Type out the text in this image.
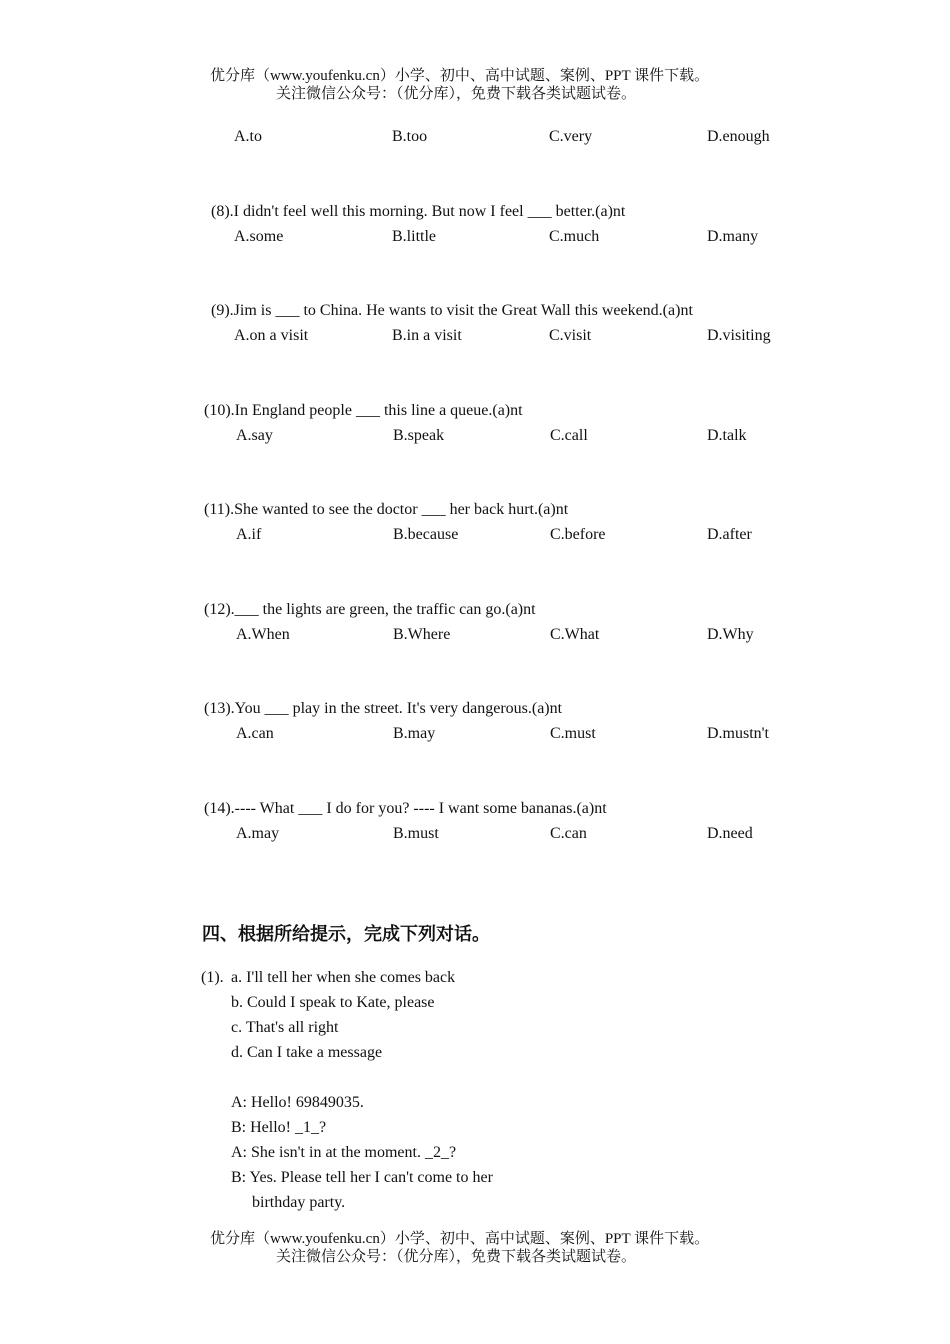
优分库（www.youfenku.cn）小学、初中、高中试题、案例、PPT 课件下载。
关注微信公众号：（优分库），免费下载各类试题试卷。
A.to	B.too	C.very	D.enough
(8).I didn't feel well this morning. But now I feel ___ better.(a)nt
A.some	B.little	C.much	D.many
(9).Jim is ___ to China. He wants to visit the Great Wall this weekend.(a)nt
A.on a visit	B.in a visit	C.visit	D.visiting
(10).In England people ___ this line a queue.(a)nt
A.say	B.speak	C.call	D.talk
(11).She wanted to see the doctor ___ her back hurt.(a)nt
A.if	B.because	C.before	D.after
(12).___ the lights are green, the traffic can go.(a)nt
A.When	B.Where	C.What	D.Why
(13).You ___ play in the street. It's very dangerous.(a)nt
A.can	B.may	C.must	D.mustn't
(14).---- What ___ I do for you? ---- I want some bananas.(a)nt
A.may	B.must	C.can	D.need
四、根据所给提示，完成下列对话。
(1). a. I'll tell her when she comes back
b. Could I speak to Kate, please
c. That's all right
d. Can I take a message
A: Hello! 69849035.
B: Hello! _1_?
A: She isn't in at the moment. _2_?
B: Yes. Please tell her I can't come to her
birthday party.
优分库（www.youfenku.cn）小学、初中、高中试题、案例、PPT 课件下载。
关注微信公众号：（优分库），免费下载各类试题试卷。
